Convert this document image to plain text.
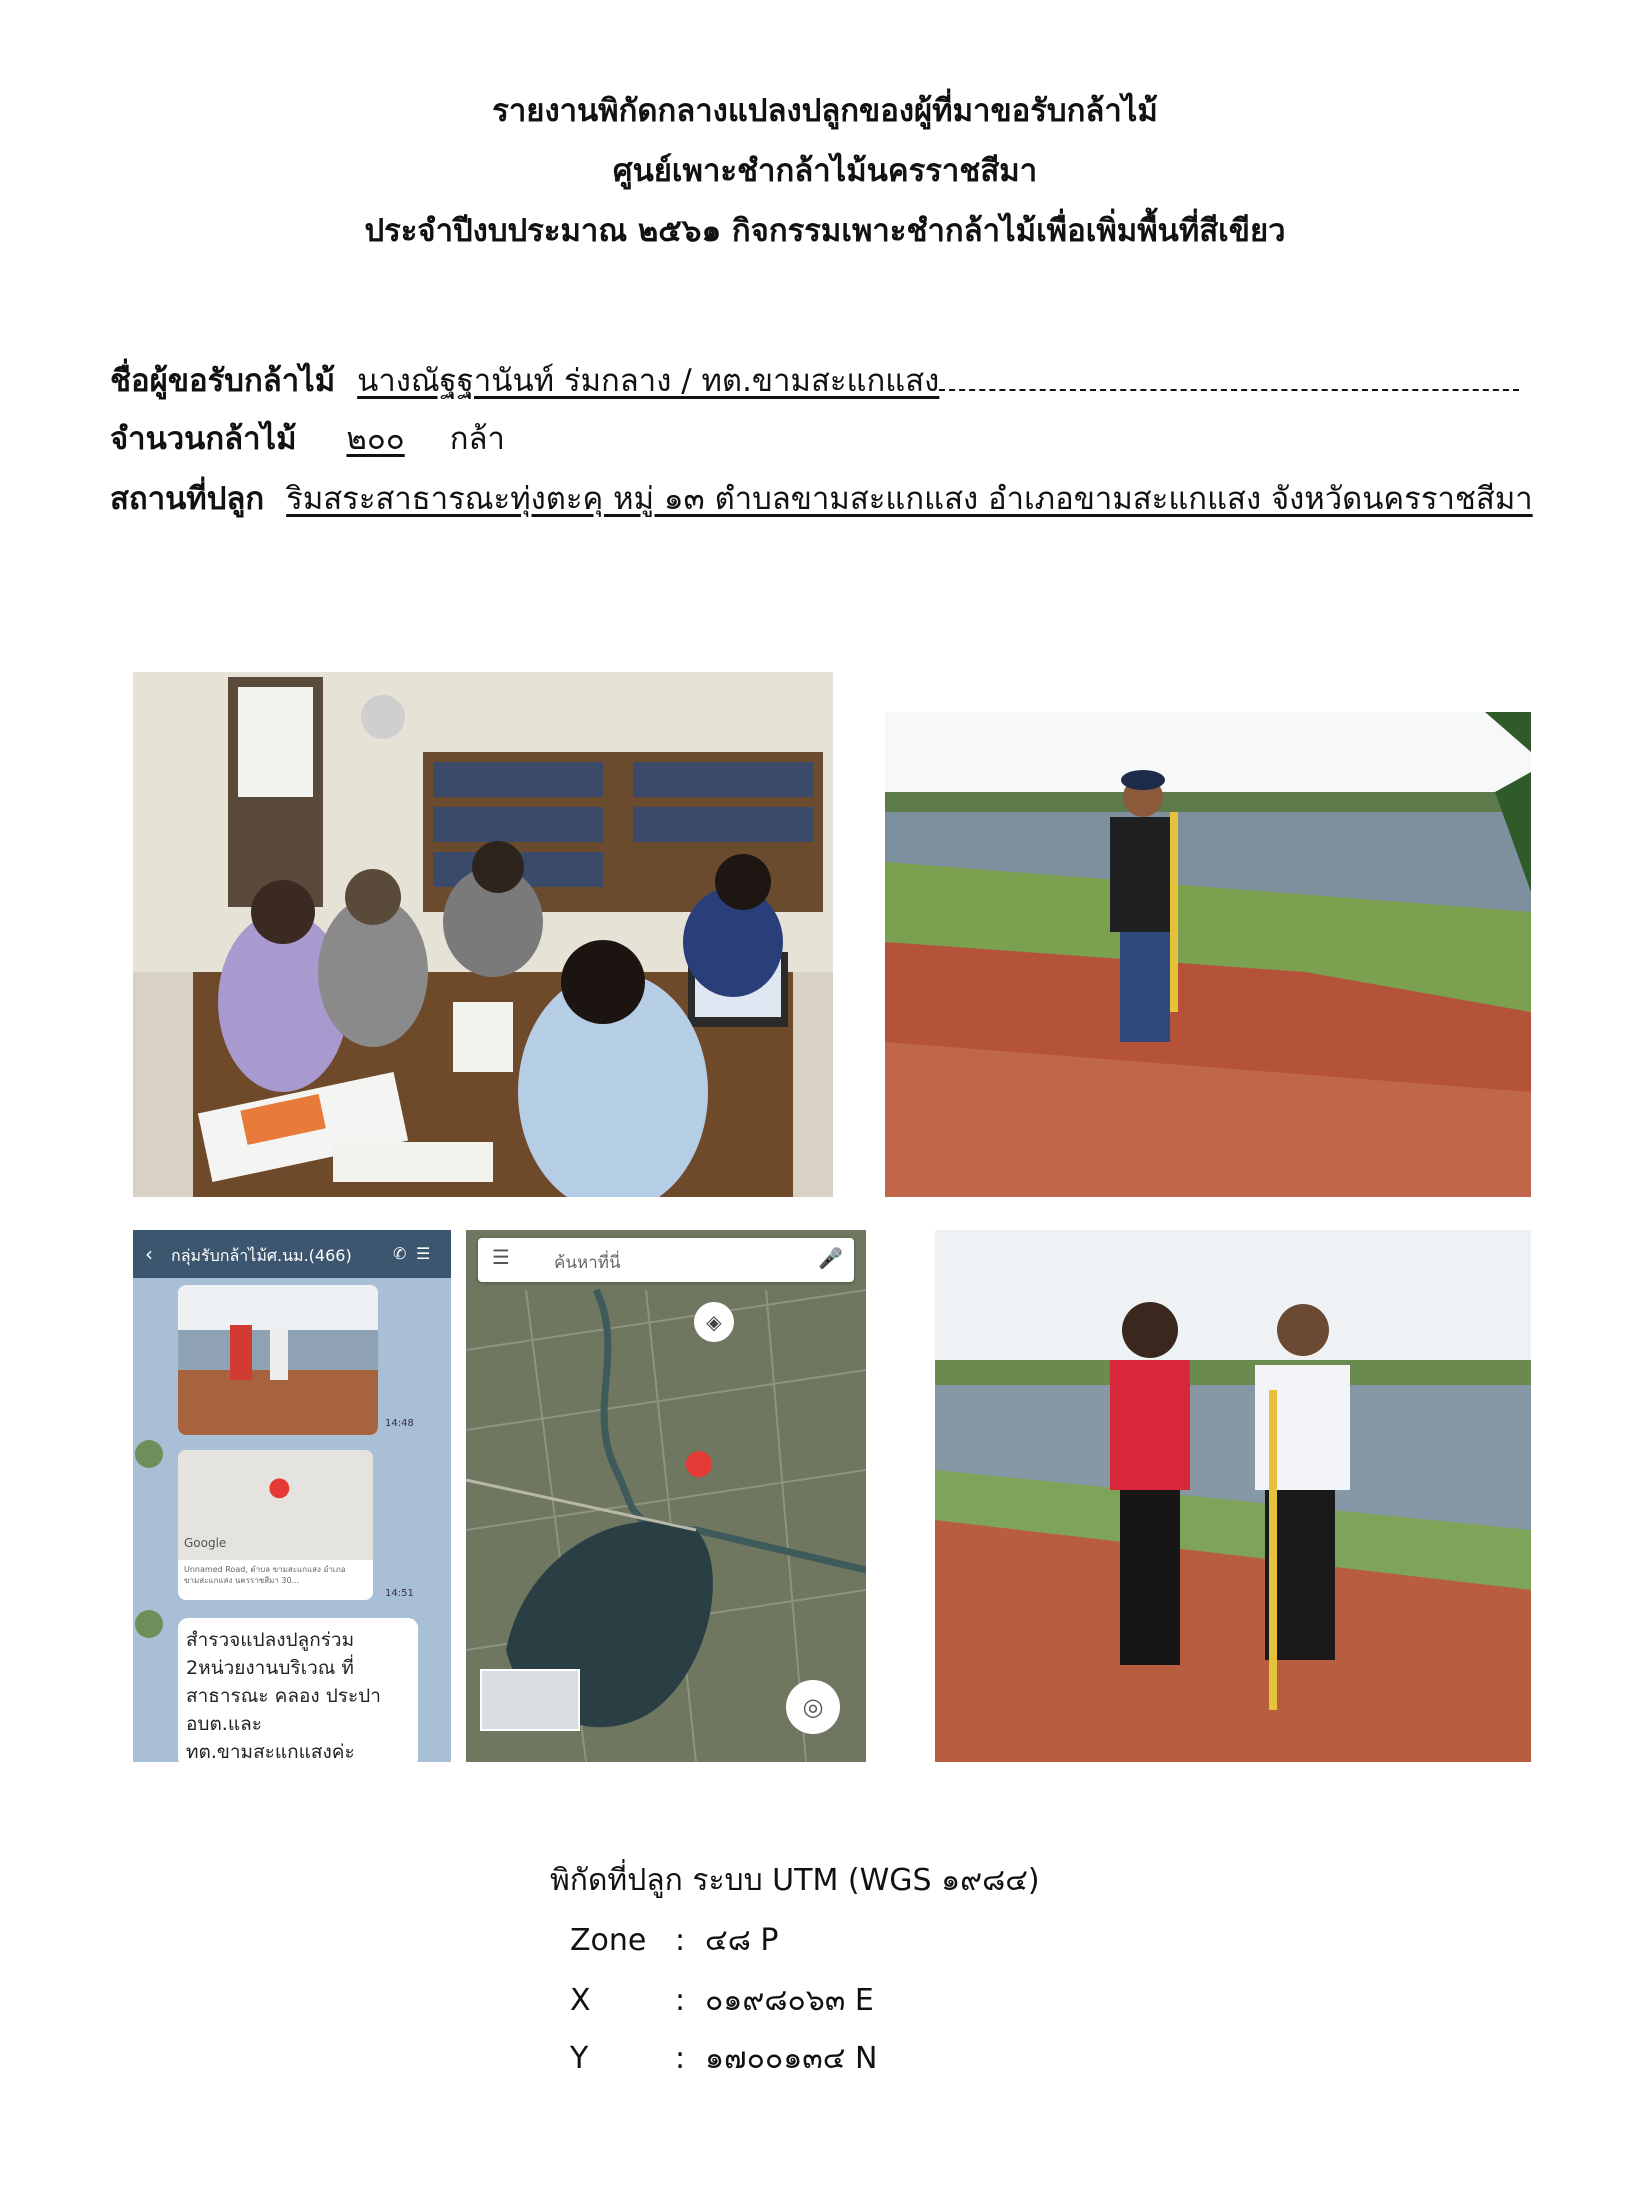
รายงานพิกัดกลางแปลงปลูกของผู้ที่มาขอรับกล้าไม้
ศูนย์เพาะชำกล้าไม้นครราชสีมา
ประจำปีงบประมาณ ๒๕๖๑ กิจกรรมเพาะชำกล้าไม้เพื่อเพิ่มพื้นที่สีเขียว
ชื่อผู้ขอรับกล้าไม้ นางณัฐฐานันท์ ร่มกลาง / ทต.ขามสะแกแสง
จำนวนกล้าไม้ ๒๐๐ กล้า
สถานที่ปลูก ริมสระสาธารณะทุ่งตะคุ หมู่ ๑๓ ตำบลขามสะแกแสง อำเภอขามสะแกแสง จังหวัดนครราชสีมา
‹ กลุ่มรับกล้าไม้ศ.นม.(466)	✆ ☰
14:48
●
Google
Unnamed Road, ตำบล ขามสะแกแสง อำเภอ ขามสะแกแสง นครราชสีมา 30...
14:51
สำรวจแปลงปลูกร่วม 2หน่วยงานบริเวณ ที่สาธารณะ คลอง ประปาอบต.และ ทต.ขามสะแกแสงค่ะ
☰	ค้นหาที่นี่	🎤
◈
●
◎
พิกัดที่ปลูก ระบบ UTM (WGS ๑๙๘๔)
Zone : ๔๘ P
X	: ๐๑๙๘๐๖๓ E
Y	: ๑๗๐๐๑๓๔ N
